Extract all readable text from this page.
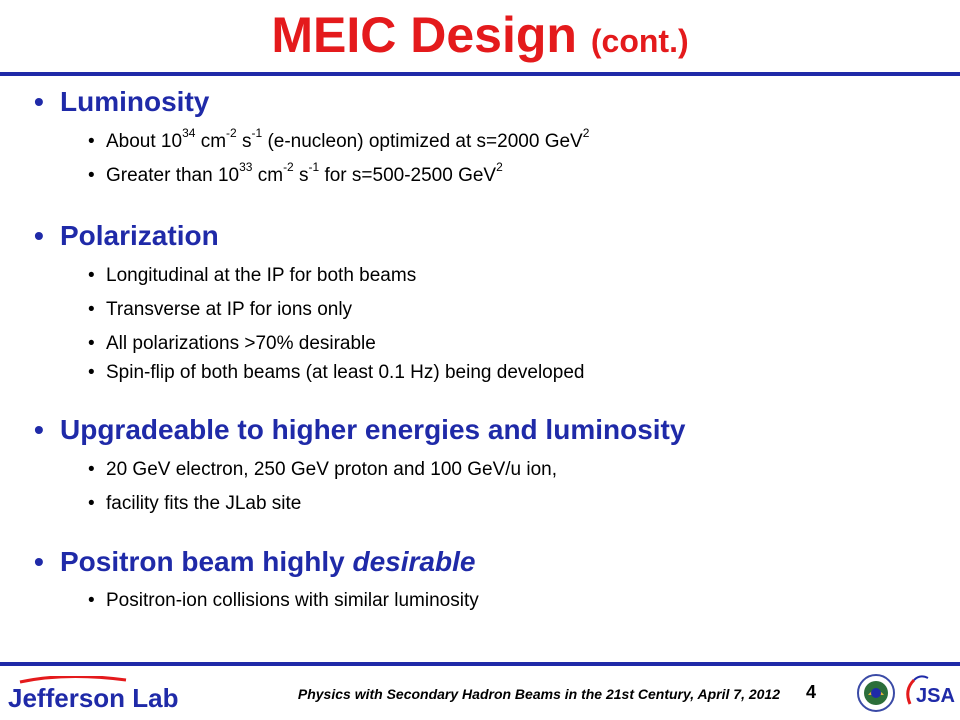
MEIC Design (cont.)
• Luminosity
• About $10^{34}$ $cm^{-2}$ $s^{-1}$ (e-nucleon) optimized at s=2000 GeV$^2$
• Greater than $10^{33}$ $cm^{-2}$ $s^{-1}$ for s=500-2500 GeV$^2$
• Polarization
• Longitudinal at the IP for both beams
• Transverse at IP for ions only
• All polarizations >70% desirable
• Spin-flip of both beams (at least 0.1 Hz) being developed
• Upgradeable to higher energies and luminosity
• 20 GeV electron, 250 GeV proton and 100 GeV/u ion,
• facility fits the JLab site
• Positron beam highly desirable
• Positron-ion collisions with similar luminosity
Jefferson Lab	Physics with Secondary Hadron Beams in the 21st Century, April 7, 2012 4	JSA
